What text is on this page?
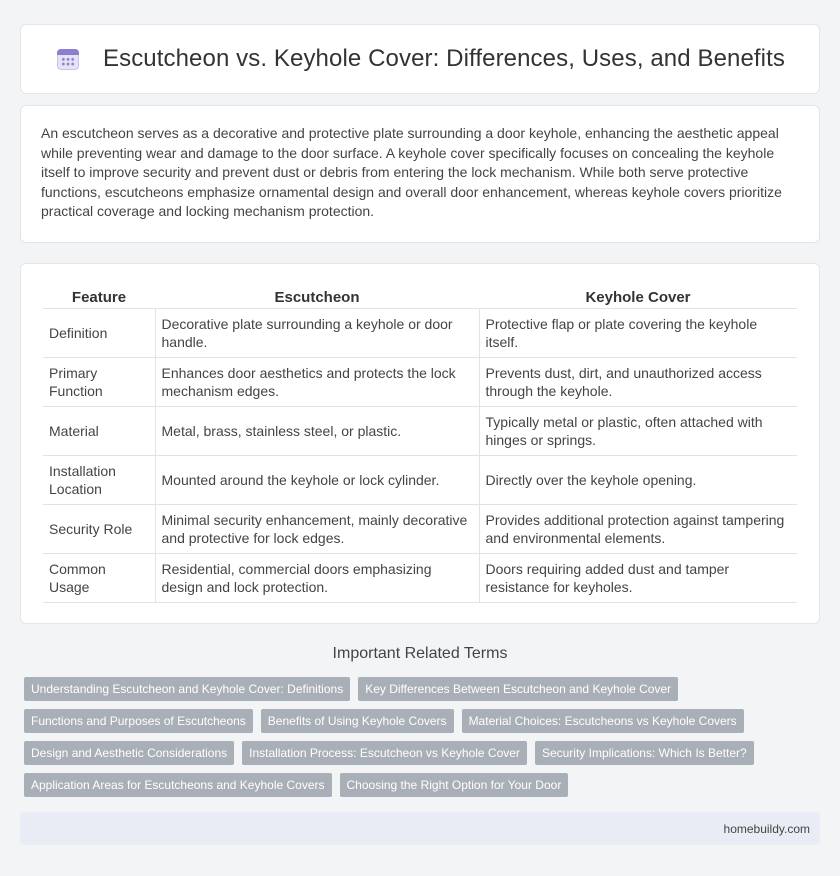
Escutcheon vs. Keyhole Cover: Differences, Uses, and Benefits

An escutcheon serves as a decorative and protective plate surrounding a door keyhole, enhancing the aesthetic appeal while preventing wear and damage to the door surface. A keyhole cover specifically focuses on concealing the keyhole itself to improve security and prevent dust or debris from entering the lock mechanism. While both serve protective functions, escutcheons emphasize ornamental design and overall door enhancement, whereas keyhole covers prioritize practical coverage and locking mechanism protection.

Feature	Escutcheon	Keyhole Cover
Definition	Decorative plate surrounding a keyhole or door handle.	Protective flap or plate covering the keyhole itself.
Primary Function	Enhances door aesthetics and protects the lock mechanism edges.	Prevents dust, dirt, and unauthorized access through the keyhole.
Material	Metal, brass, stainless steel, or plastic.	Typically metal or plastic, often attached with hinges or springs.
Installation Location	Mounted around the keyhole or lock cylinder.	Directly over the keyhole opening.
Security Role	Minimal security enhancement, mainly decorative and protective for lock edges.	Provides additional protection against tampering and environmental elements.
Common Usage	Residential, commercial doors emphasizing design and lock protection.	Doors requiring added dust and tamper resistance for keyholes.
Important Related Terms
Understanding Escutcheon and Keyhole Cover: Definitions	Key Differences Between Escutcheon and Keyhole Cover
Functions and Purposes of Escutcheons	Benefits of Using Keyhole Covers	Material Choices: Escutcheons vs Keyhole Covers
Design and Aesthetic Considerations	Installation Process: Escutcheon vs Keyhole Cover	Security Implications: Which Is Better?
Application Areas for Escutcheons and Keyhole Covers	Choosing the Right Option for Your Door
homebuildy.com
